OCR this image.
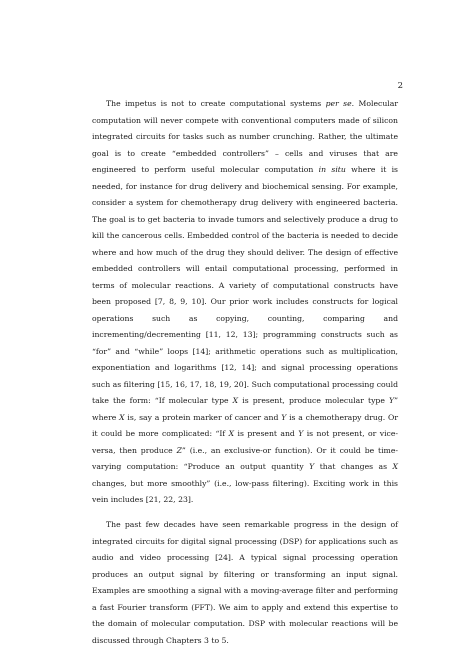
2

The impetus is not to create computational systems per se. Molecular computation will never compete with conventional computers made of silicon integrated circuits for tasks such as number crunching. Rather, the ultimate goal is to create “embedded controllers” – cells and viruses that are engineered to perform useful molecular computation in situ where it is needed, for instance for drug delivery and biochemical sensing. For example, consider a system for chemotherapy drug delivery with engineered bacteria. The goal is to get bacteria to invade tumors and selectively produce a drug to kill the cancerous cells. Embedded control of the bacteria is needed to decide where and how much of the drug they should deliver. The design of effective embedded controllers will entail computational processing, performed in terms of molecular reactions. A variety of computational constructs have been proposed [7, 8, 9, 10]. Our prior work includes constructs for logical operations such as copying, counting, comparing and incrementing/decrementing [11, 12, 13]; programming constructs such as “for” and “while” loops [14]; arithmetic operations such as multiplication, exponentiation and logarithms [12, 14]; and signal processing operations such as filtering [15, 16, 17, 18, 19, 20]. Such computational processing could take the form: “If molecular type X is present, produce molecular type Y” where X is, say a protein marker of cancer and Y is a chemotherapy drug. Or it could be more complicated: “If X is present and Y is not present, or vice-versa, then produce Z” (i.e., an exclusive-or function). Or it could be time-varying computation: “Produce an output quantity Y that changes as X changes, but more smoothly” (i.e., low-pass filtering). Exciting work in this vein includes [21, 22, 23].

The past few decades have seen remarkable progress in the design of integrated circuits for digital signal processing (DSP) for applications such as audio and video processing [24]. A typical signal processing operation produces an output signal by filtering or transforming an input signal. Examples are smoothing a signal with a moving-average filter and performing a fast Fourier transform (FFT). We aim to apply and extend this expertise to the domain of molecular computation. DSP with molecular reactions will be discussed through Chapters 3 to 5.
